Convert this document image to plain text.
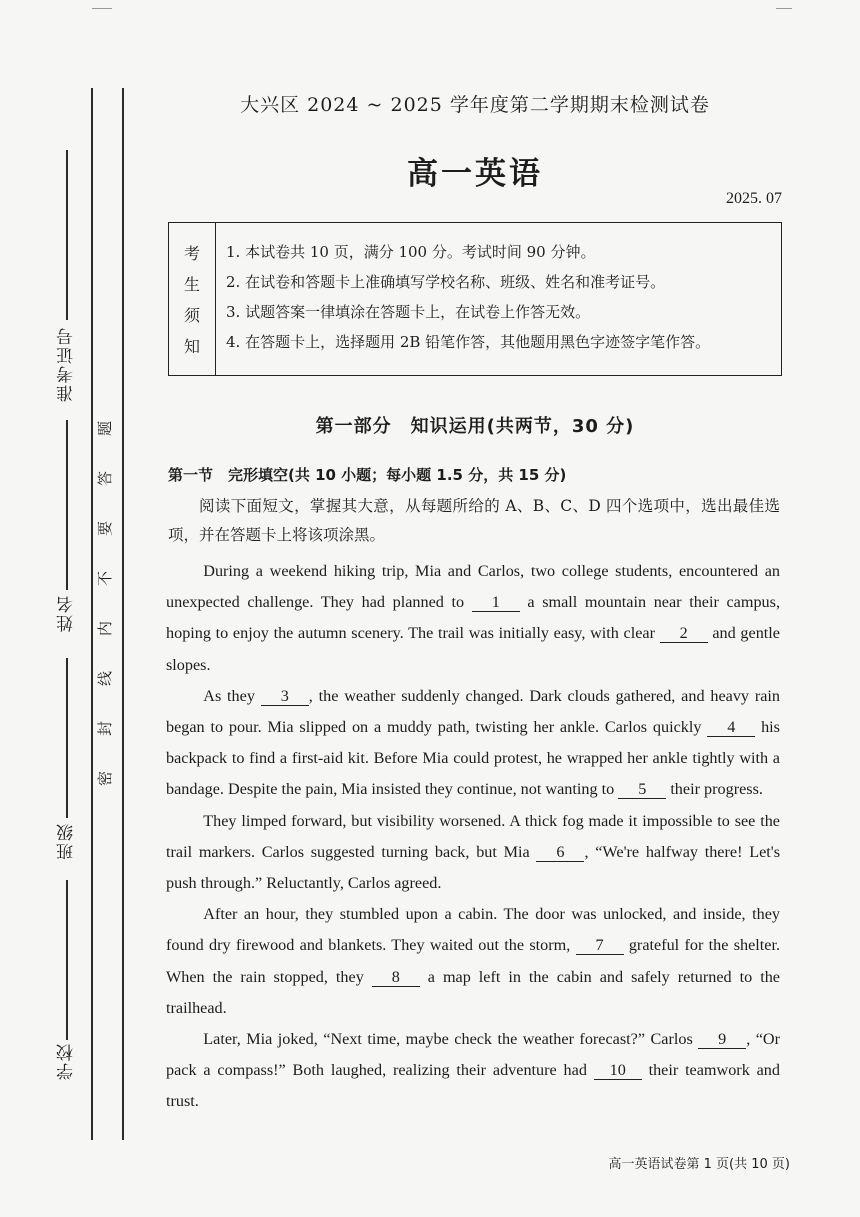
准考证号
姓名
班级
学校
密
封
线
内
不
要
答
题
大兴区 2024 ~ 2025 学年度第二学期期末检测试卷
高一英语
2025. 07
考
生
须
知
1. 本试卷共 10 页，满分 100 分。考试时间 90 分钟。
2. 在试卷和答题卡上准确填写学校名称、班级、姓名和准考证号。
3. 试题答案一律填涂在答题卡上，在试卷上作答无效。
4. 在答题卡上，选择题用 2B 铅笔作答，其他题用黑色字迹签字笔作答。
第一部分　知识运用(共两节，30 分)
第一节　完形填空(共 10 小题；每小题 1.5 分，共 15 分)
阅读下面短文，掌握其大意，从每题所给的 A、B、C、D 四个选项中，选出最佳选项，并在答题卡上将该项涂黑。

During a weekend hiking trip, Mia and Carlos, two college students, encountered an unexpected challenge. They had planned to 1 a small mountain near their campus, hoping to enjoy the autumn scenery. The trail was initially easy, with clear 2 and gentle slopes.

As they 3 , the weather suddenly changed. Dark clouds gathered, and heavy rain began to pour. Mia slipped on a muddy path, twisting her ankle. Carlos quickly 4 his backpack to find a first-aid kit. Before Mia could protest, he wrapped her ankle tightly with a bandage. Despite the pain, Mia insisted they continue, not wanting to 5 their progress.

They limped forward, but visibility worsened. A thick fog made it impossible to see the trail markers. Carlos suggested turning back, but Mia 6 , “We're halfway there! Let's push through.” Reluctantly, Carlos agreed.

After an hour, they stumbled upon a cabin. The door was unlocked, and inside, they found dry firewood and blankets. They waited out the storm, 7 grateful for the shelter. When the rain stopped, they 8 a map left in the cabin and safely returned to the trailhead.

Later, Mia joked, “Next time, maybe check the weather forecast?” Carlos 9 , “Or pack a compass!” Both laughed, realizing their adventure had 10 their teamwork and trust.

高一英语试卷第 1 页(共 10 页)
